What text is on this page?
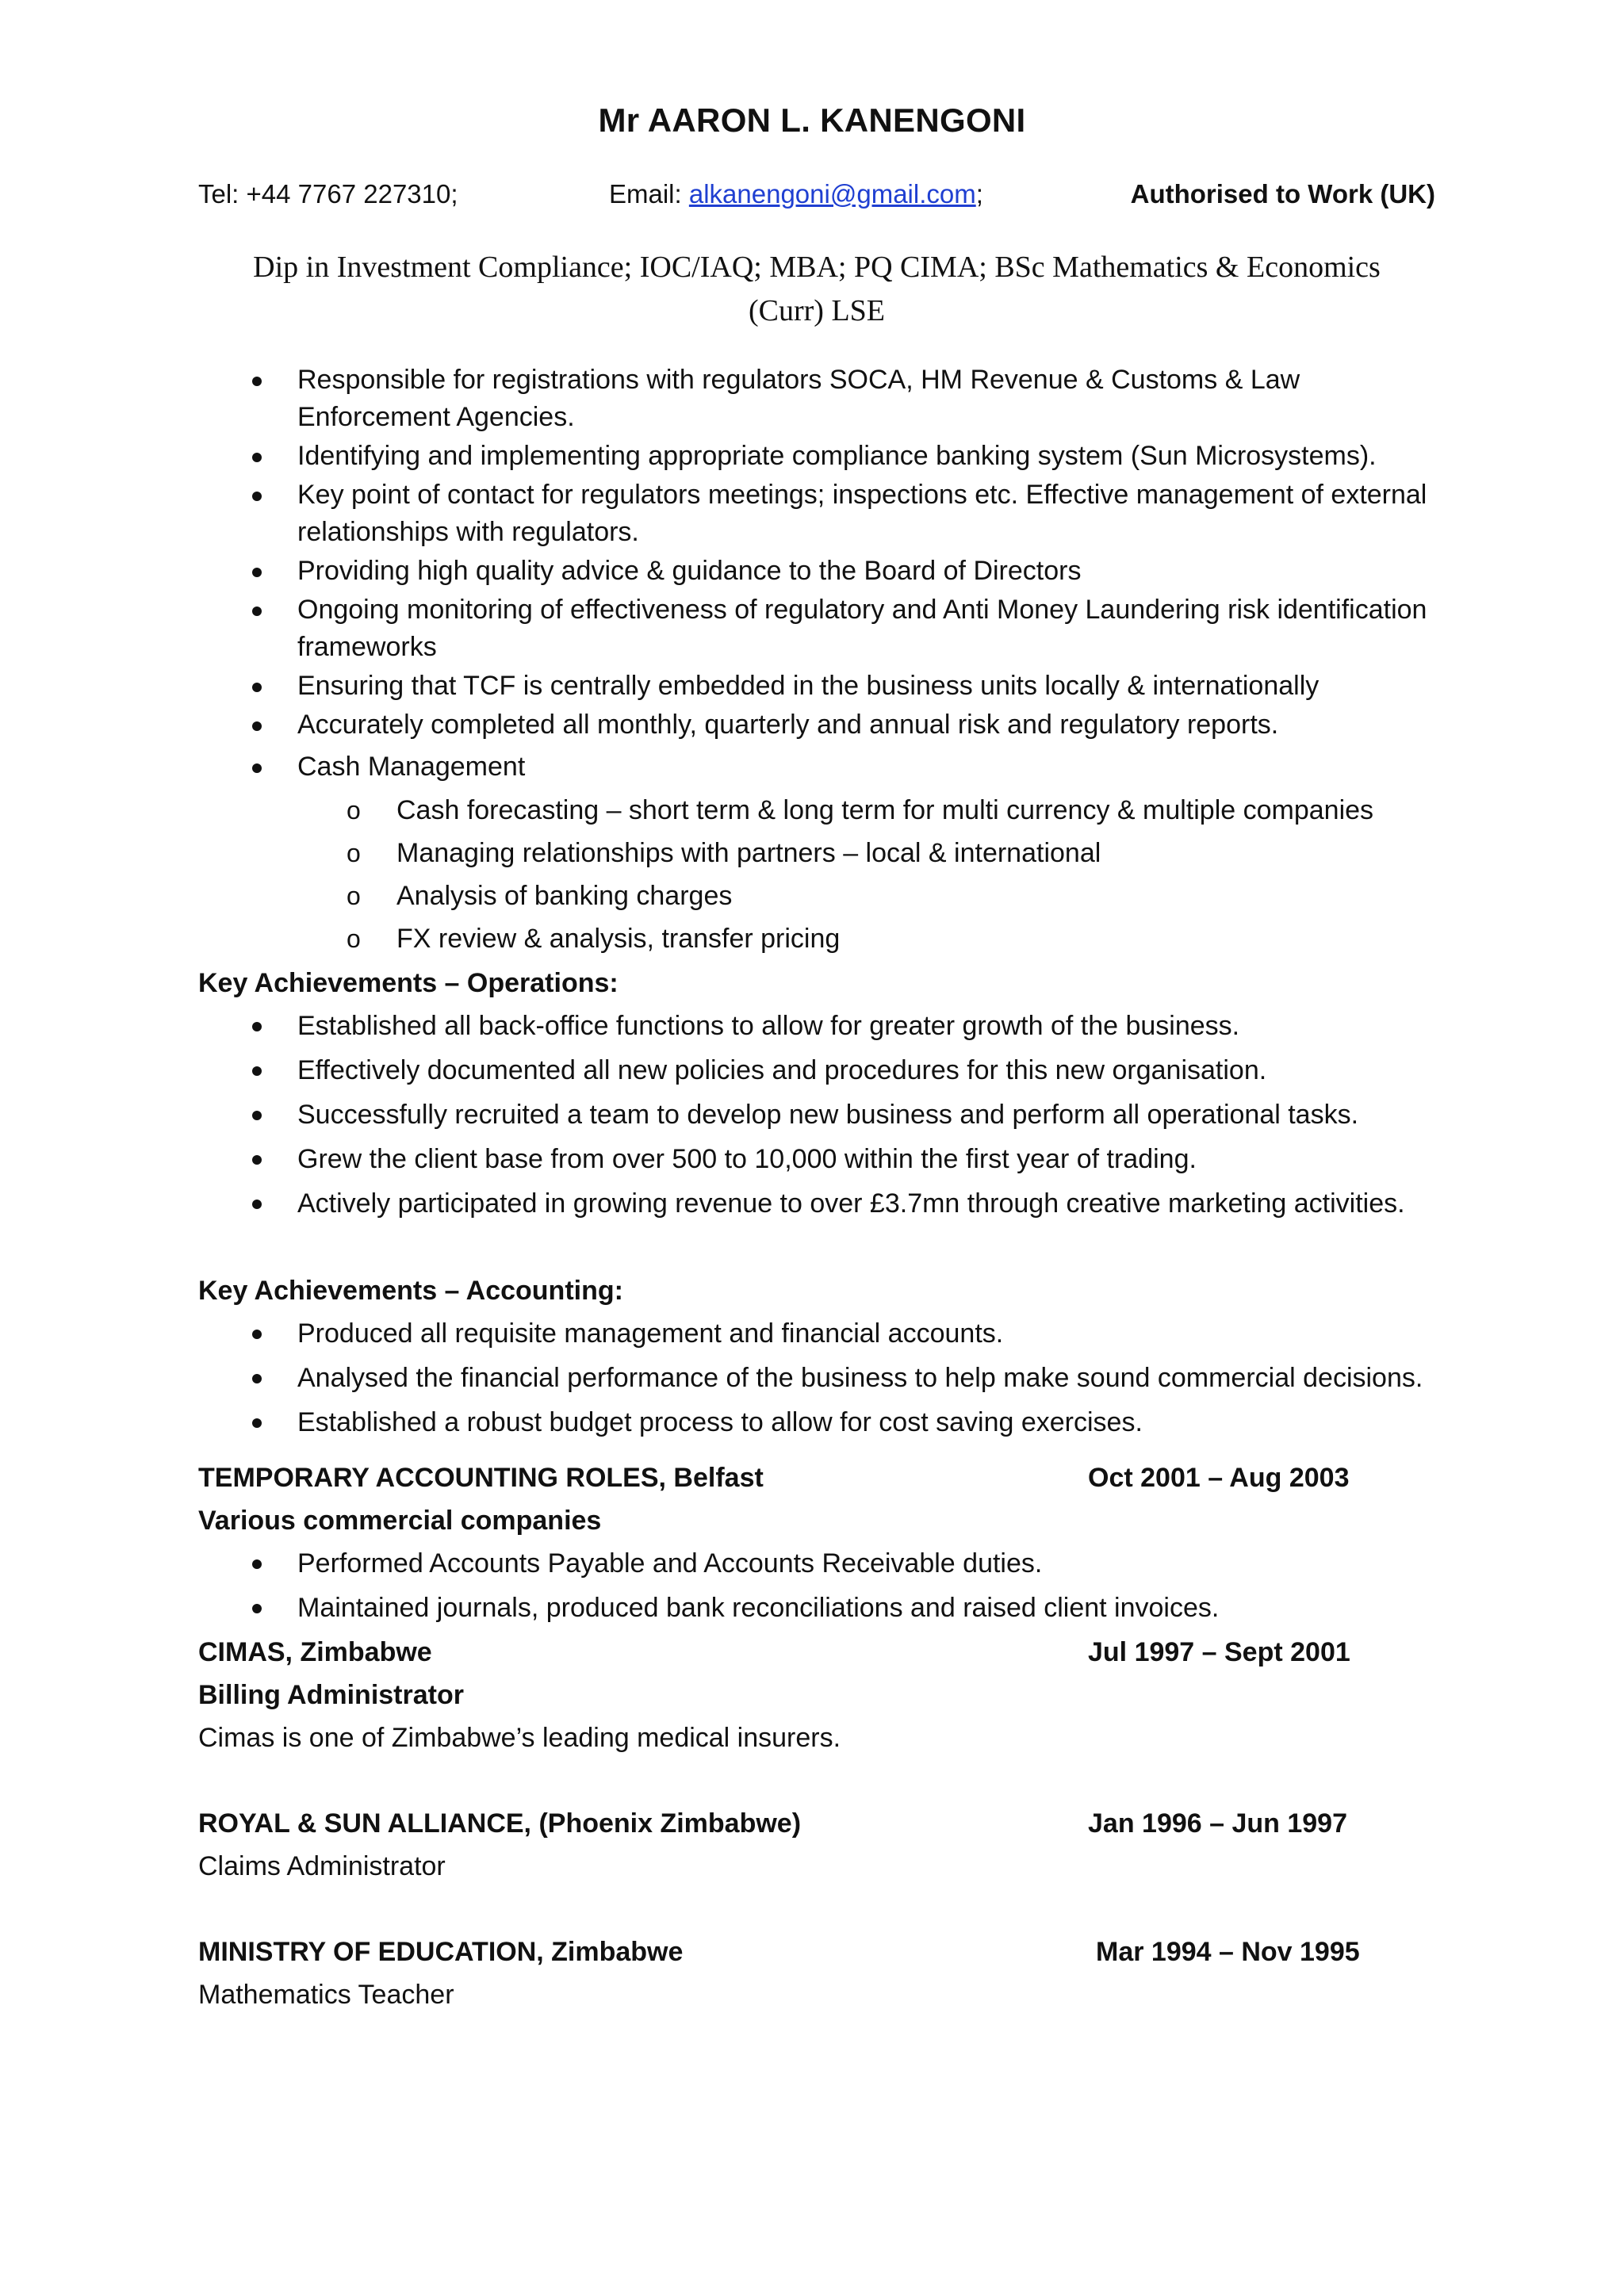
Mr AARON L. KANENGONI
Tel: +44 7767 227310;	Email: alkanengoni@gmail.com;	Authorised to Work (UK)
Dip in Investment Compliance; IOC/IAQ; MBA; PQ CIMA; BSc Mathematics & Economics
(Curr) LSE
Responsible for registrations with regulators SOCA, HM Revenue & Customs & Law Enforcement Agencies.
Identifying and implementing appropriate compliance banking system (Sun Microsystems).
Key point of contact for regulators meetings; inspections etc. Effective management of external relationships with regulators.
Providing high quality advice & guidance to the Board of Directors
Ongoing monitoring of effectiveness of regulatory and Anti Money Laundering risk identification frameworks
Ensuring that TCF is centrally embedded in the business units locally & internationally
Accurately completed all monthly, quarterly and annual risk and regulatory reports.
Cash Management
o Cash forecasting – short term & long term for multi currency & multiple companies
o Managing relationships with partners – local & international
o Analysis of banking charges
o FX review & analysis, transfer pricing
Key Achievements – Operations:
Established all back-office functions to allow for greater growth of the business.
Effectively documented all new policies and procedures for this new organisation.
Successfully recruited a team to develop new business and perform all operational tasks.
Grew the client base from over 500 to 10,000 within the first year of trading.
Actively participated in growing revenue to over £3.7mn through creative marketing activities.
Key Achievements – Accounting:
Produced all requisite management and financial accounts.
Analysed the financial performance of the business to help make sound commercial decisions.
Established a robust budget process to allow for cost saving exercises.
TEMPORARY ACCOUNTING ROLES, Belfast	Oct 2001 – Aug 2003
Various commercial companies
Performed Accounts Payable and Accounts Receivable duties.
Maintained journals, produced bank reconciliations and raised client invoices.
CIMAS, Zimbabwe	Jul 1997 – Sept 2001
Billing Administrator
Cimas is one of Zimbabwe’s leading medical insurers.
ROYAL & SUN ALLIANCE, (Phoenix Zimbabwe)	Jan 1996 – Jun 1997
Claims Administrator
MINISTRY OF EDUCATION, Zimbabwe	Mar 1994 – Nov 1995
Mathematics Teacher
